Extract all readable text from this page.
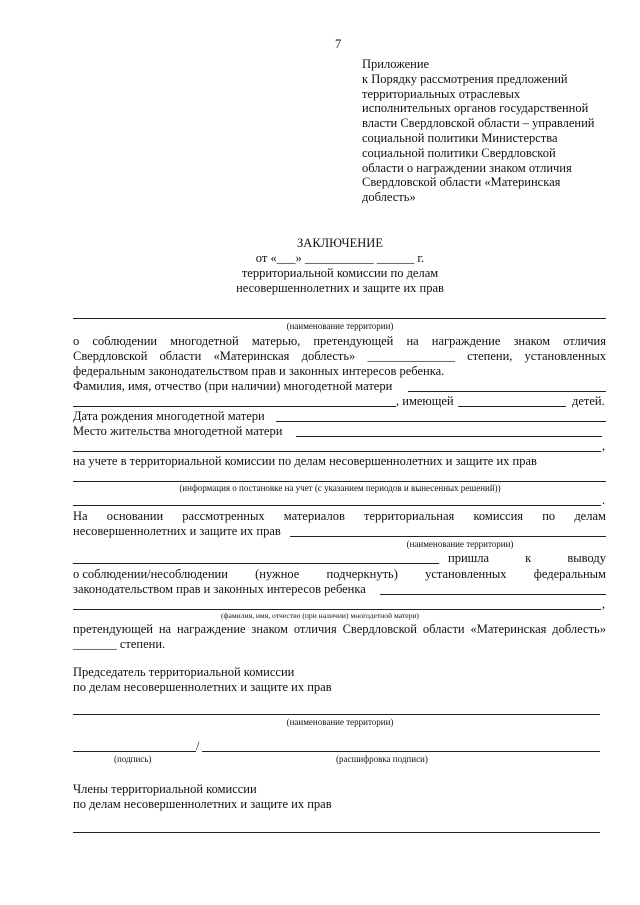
7
Приложение
к Порядку рассмотрения предложений
территориальных отраслевых
исполнительных органов государственной
власти Свердловской области – управлений
социальной политики Министерства
социальной политики Свердловской
области о награждении знаком отличия
Свердловской области «Материнская
доблесть»
ЗАКЛЮЧЕНИЕ
от «___» ___________ ______ г.
территориальной комиссии по делам
несовершеннолетних и защите их прав
(наименование территории)
о соблюдении многодетной матерью, претендующей на награждение знаком отличия
Свердловской области «Материнская доблесть» ______________ степени, установленных
федеральным законодательством прав и законных интересов ребенка.
Фамилия, имя, отчество (при наличии) многодетной матери
, имеющей	детей.
Дата рождения многодетной матери
Место жительства многодетной матери
,
на учете в территориальной комиссии по делам несовершеннолетних и защите их прав
(информация о постановке на учет (с указанием периодов и вынесенных решений))
.
На основании рассмотренных материалов территориальная комиссия по делам
несовершеннолетних и защите их прав
(наименование территории)
пришла	к	выводу
о соблюдении/несоблюдении (нужное подчеркнуть) установленных федеральным
законодательством прав и законных интересов ребенка
,
(фамилия, имя, отчество (при наличии) многодетной матери)
претендующей на награждение знаком отличия Свердловской области «Материнская доблесть»
_______ степени.
Председатель территориальной комиссии
по делам несовершеннолетних и защите их прав
(наименование территории)
/
(подпись)	(расшифровка подписи)
Члены территориальной комиссии
по делам несовершеннолетних и защите их прав
